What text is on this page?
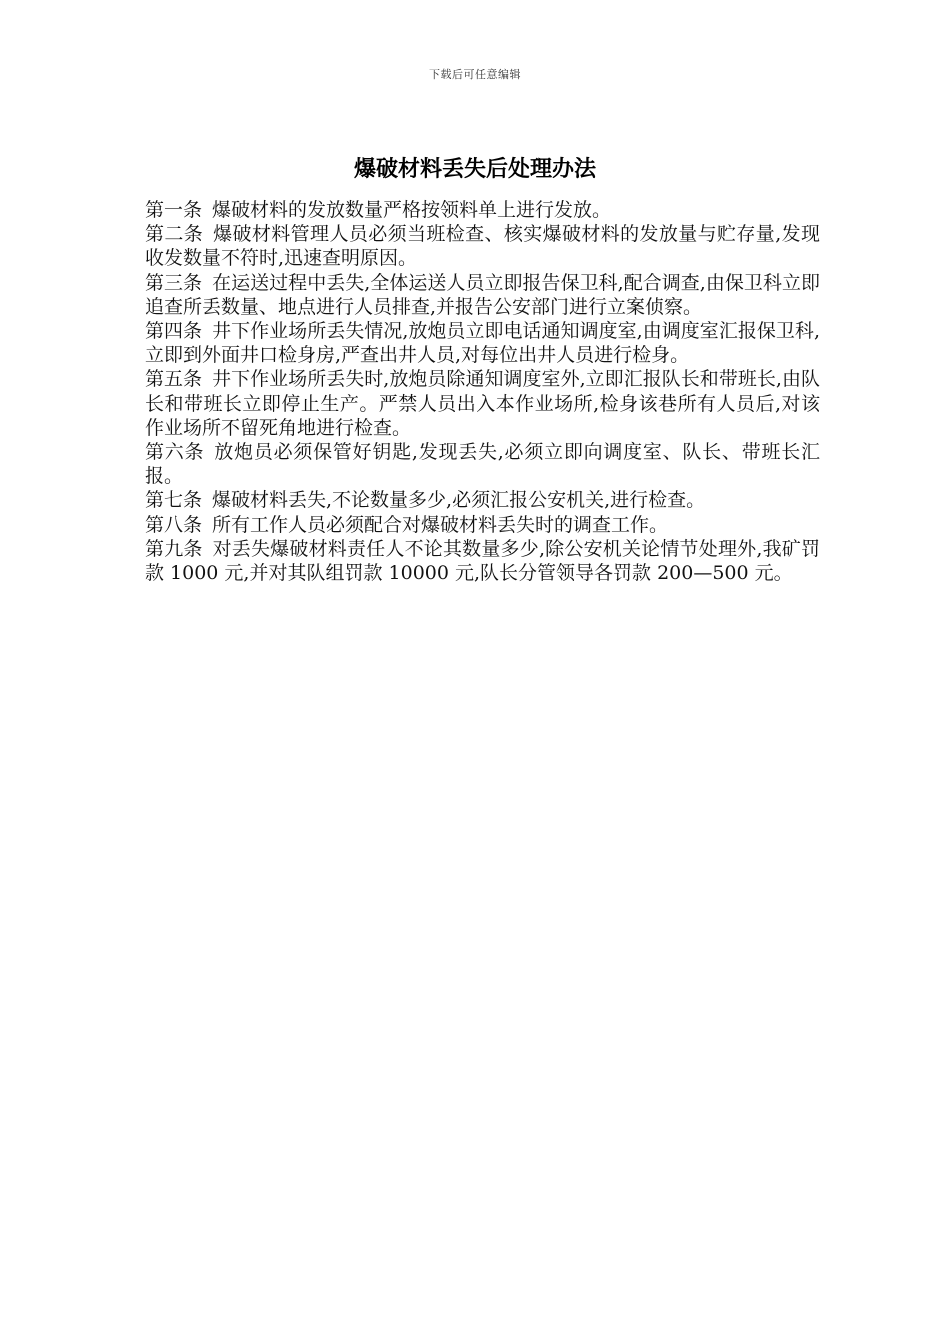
下载后可任意编辑
爆破材料丢失后处理办法

第一条 爆破材料的发放数量严格按领料单上进行发放。

第二条 爆破材料管理人员必须当班检查、核实爆破材料的发放量与贮存量,发现收发数量不符时,迅速查明原因。

第三条 在运送过程中丢失,全体运送人员立即报告保卫科,配合调查,由保卫科立即追查所丢数量、地点进行人员排查,并报告公安部门进行立案侦察。

第四条 井下作业场所丢失情况,放炮员立即电话通知调度室,由调度室汇报保卫科,立即到外面井口检身房,严查出井人员,对每位出井人员进行检身。

第五条 井下作业场所丢失时,放炮员除通知调度室外,立即汇报队长和带班长,由队长和带班长立即停止生产。严禁人员出入本作业场所,检身该巷所有人员后,对该作业场所不留死角地进行检查。

第六条 放炮员必须保管好钥匙,发现丢失,必须立即向调度室、队长、带班长汇报。

第七条 爆破材料丢失,不论数量多少,必须汇报公安机关,进行检查。

第八条 所有工作人员必须配合对爆破材料丢失时的调查工作。

第九条 对丢失爆破材料责任人不论其数量多少,除公安机关论情节处理外,我矿罚款 1000 元,并对其队组罚款 10000 元,队长分管领导各罚款 200—500 元。
